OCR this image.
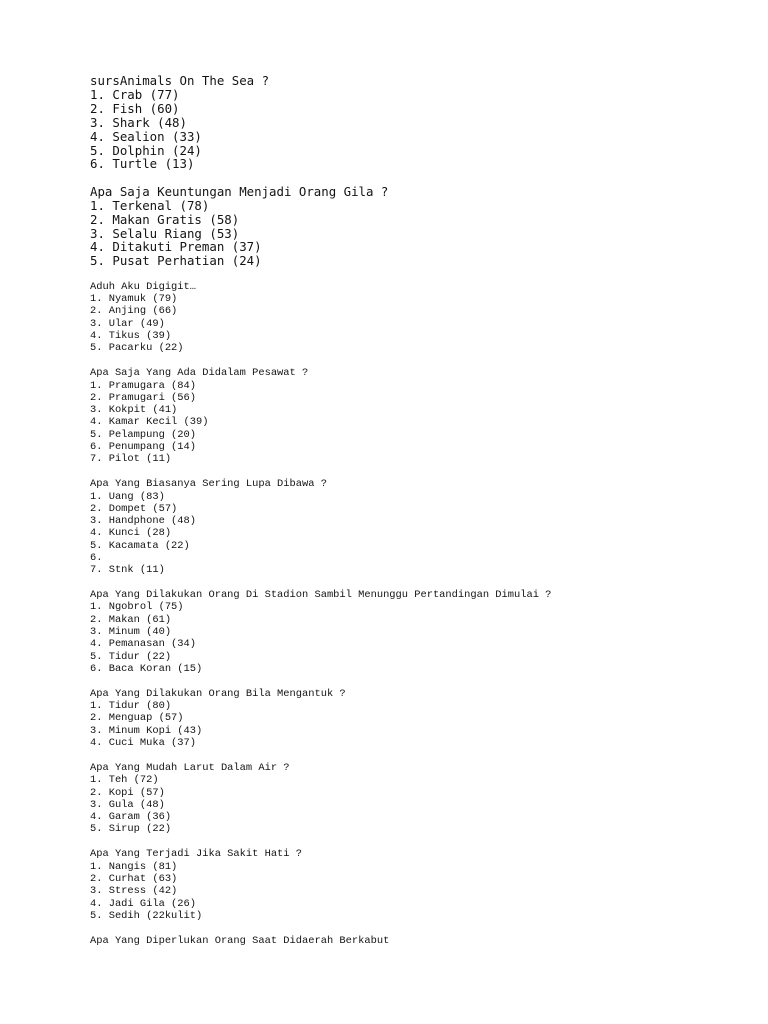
sursAnimals On The Sea ?
1. Crab (77)
2. Fish (60)
3. Shark (48)
4. Sealion (33)
5. Dolphin (24)
6. Turtle (13)
Apa Saja Keuntungan Menjadi Orang Gila ?
1. Terkenal (78)
2. Makan Gratis (58)
3. Selalu Riang (53)
4. Ditakuti Preman (37)
5. Pusat Perhatian (24)
Aduh Aku Digigit…
1. Nyamuk (79)
2. Anjing (66)
3. Ular (49)
4. Tikus (39)
5. Pacarku (22)
Apa Saja Yang Ada Didalam Pesawat ?
1. Pramugara (84)
2. Pramugari (56)
3. Kokpit (41)
4. Kamar Kecil (39)
5. Pelampung (20)
6. Penumpang (14)
7. Pilot (11)
Apa Yang Biasanya Sering Lupa Dibawa ?
1. Uang (83)
2. Dompet (57)
3. Handphone (48)
4. Kunci (28)
5. Kacamata (22)
6.
7. Stnk (11)
Apa Yang Dilakukan Orang Di Stadion Sambil Menunggu Pertandingan Dimulai ?
1. Ngobrol (75)
2. Makan (61)
3. Minum (40)
4. Pemanasan (34)
5. Tidur (22)
6. Baca Koran (15)
Apa Yang Dilakukan Orang Bila Mengantuk ?
1. Tidur (80)
2. Menguap (57)
3. Minum Kopi (43)
4. Cuci Muka (37)
Apa Yang Mudah Larut Dalam Air ?
1. Teh (72)
2. Kopi (57)
3. Gula (48)
4. Garam (36)
5. Sirup (22)
Apa Yang Terjadi Jika Sakit Hati ?
1. Nangis (81)
2. Curhat (63)
3. Stress (42)
4. Jadi Gila (26)
5. Sedih (22kulit)
Apa Yang Diperlukan Orang Saat Didaerah Berkabut
